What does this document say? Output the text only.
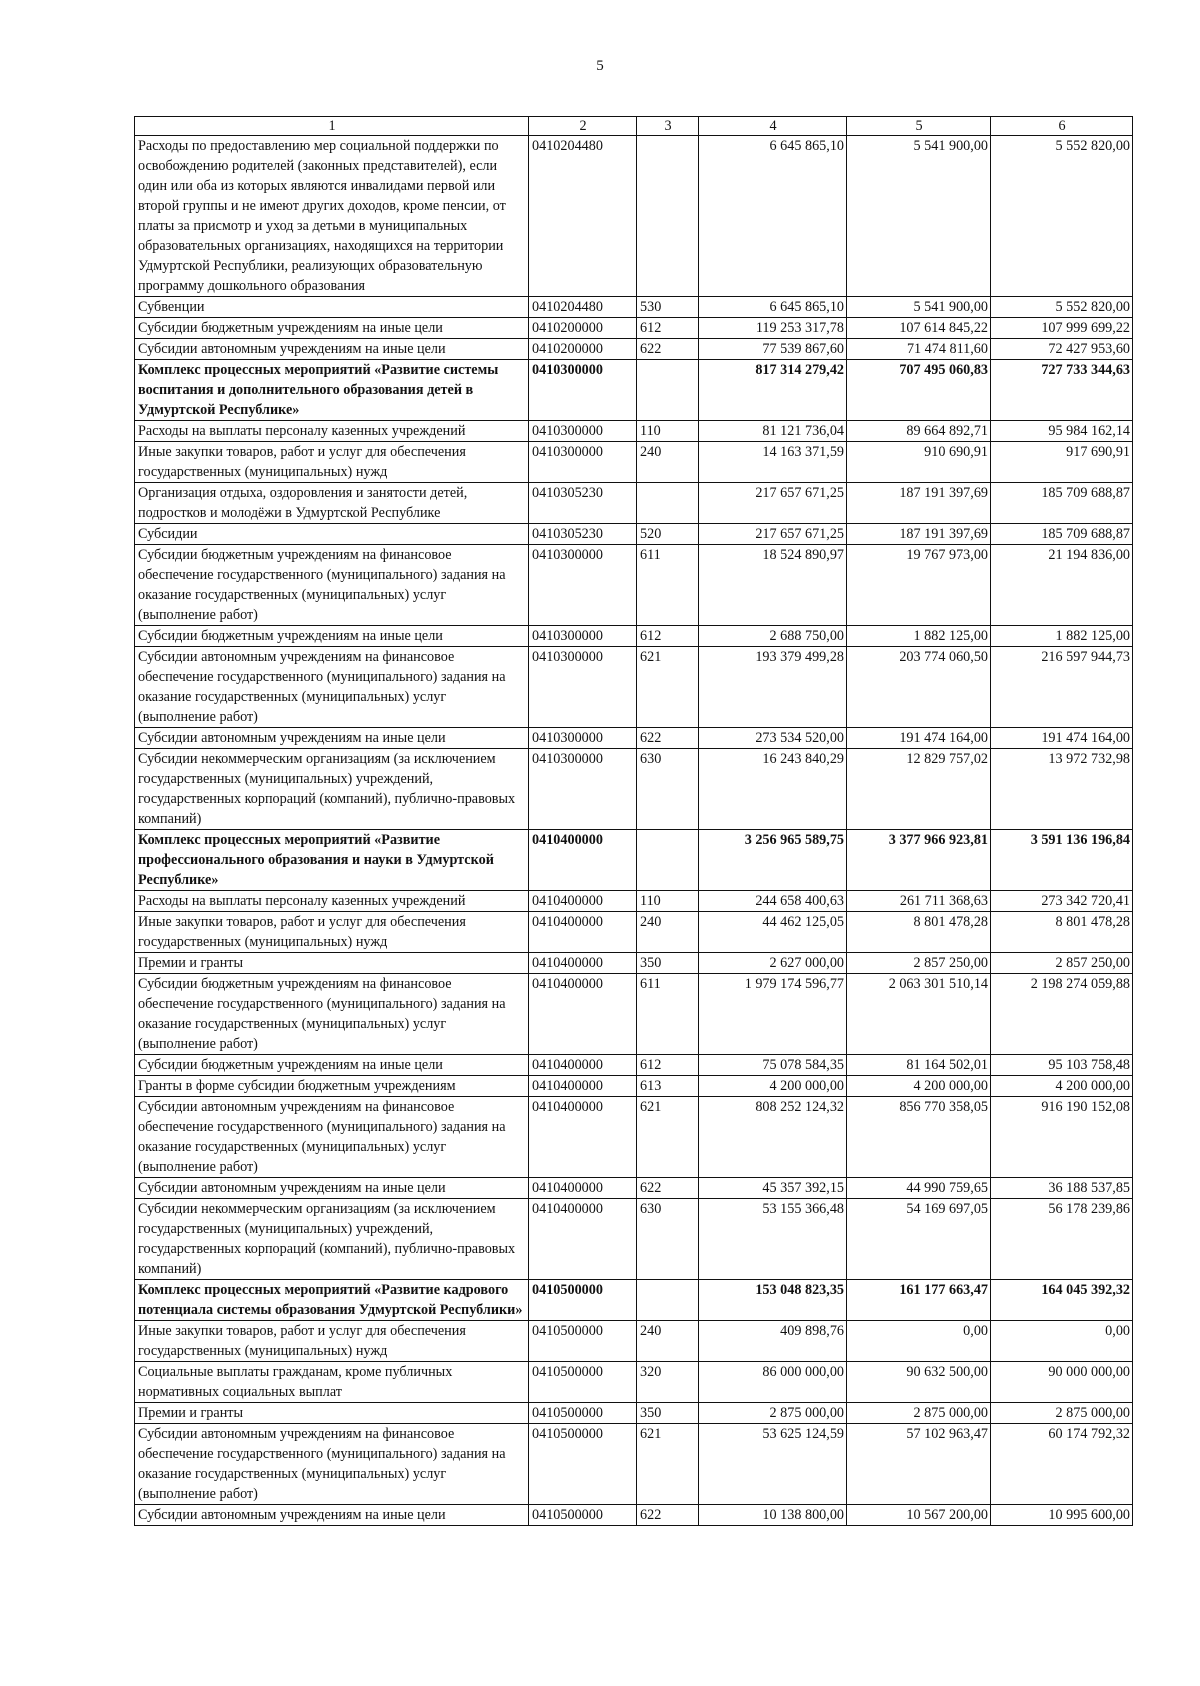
5
1	2	3	4	5	6
Расходы по предоставлению мер социальной поддержки по освобождению родителей (законных представителей), если один или оба из которых являются инвалидами первой или второй группы и не имеют других доходов, кроме пенсии, от платы за присмотр и уход за детьми в муниципальных образовательных организациях, находящихся на территории Удмуртской Республики, реализующих образовательную программу дошкольного образования	0410204480		6 645 865,10	5 541 900,00	5 552 820,00
Субвенции	0410204480	530	6 645 865,10	5 541 900,00	5 552 820,00
Субсидии бюджетным учреждениям на иные цели	0410200000	612	119 253 317,78	107 614 845,22	107 999 699,22
Субсидии автономным учреждениям на иные цели	0410200000	622	77 539 867,60	71 474 811,60	72 427 953,60
Комплекс процессных мероприятий «Развитие системы воспитания и дополнительного образования детей в Удмуртской Республике»	0410300000		817 314 279,42	707 495 060,83	727 733 344,63
Расходы на выплаты персоналу казенных учреждений	0410300000	110	81 121 736,04	89 664 892,71	95 984 162,14
Иные закупки товаров, работ и услуг для обеспечения государственных (муниципальных) нужд	0410300000	240	14 163 371,59	910 690,91	917 690,91
Организация отдыха, оздоровления и занятости детей, подростков и молодёжи в Удмуртской Республике	0410305230		217 657 671,25	187 191 397,69	185 709 688,87
Субсидии	0410305230	520	217 657 671,25	187 191 397,69	185 709 688,87
Субсидии бюджетным учреждениям на финансовое обеспечение государственного (муниципального) задания на оказание государственных (муниципальных) услуг (выполнение работ)	0410300000	611	18 524 890,97	19 767 973,00	21 194 836,00
Субсидии бюджетным учреждениям на иные цели	0410300000	612	2 688 750,00	1 882 125,00	1 882 125,00
Субсидии автономным учреждениям на финансовое обеспечение государственного (муниципального) задания на оказание государственных (муниципальных) услуг (выполнение работ)	0410300000	621	193 379 499,28	203 774 060,50	216 597 944,73
Субсидии автономным учреждениям на иные цели	0410300000	622	273 534 520,00	191 474 164,00	191 474 164,00
Субсидии некоммерческим организациям (за исключением государственных (муниципальных) учреждений, государственных корпораций (компаний), публично-правовых компаний)	0410300000	630	16 243 840,29	12 829 757,02	13 972 732,98
Комплекс процессных мероприятий «Развитие профессионального образования и науки в Удмуртской Республике»	0410400000		3 256 965 589,75	3 377 966 923,81	3 591 136 196,84
Расходы на выплаты персоналу казенных учреждений	0410400000	110	244 658 400,63	261 711 368,63	273 342 720,41
Иные закупки товаров, работ и услуг для обеспечения государственных (муниципальных) нужд	0410400000	240	44 462 125,05	8 801 478,28	8 801 478,28
Премии и гранты	0410400000	350	2 627 000,00	2 857 250,00	2 857 250,00
Субсидии бюджетным учреждениям на финансовое обеспечение государственного (муниципального) задания на оказание государственных (муниципальных) услуг (выполнение работ)	0410400000	611	1 979 174 596,77	2 063 301 510,14	2 198 274 059,88
Субсидии бюджетным учреждениям на иные цели	0410400000	612	75 078 584,35	81 164 502,01	95 103 758,48
Гранты в форме субсидии бюджетным учреждениям	0410400000	613	4 200 000,00	4 200 000,00	4 200 000,00
Субсидии автономным учреждениям на финансовое обеспечение государственного (муниципального) задания на оказание государственных (муниципальных) услуг (выполнение работ)	0410400000	621	808 252 124,32	856 770 358,05	916 190 152,08
Субсидии автономным учреждениям на иные цели	0410400000	622	45 357 392,15	44 990 759,65	36 188 537,85
Субсидии некоммерческим организациям (за исключением государственных (муниципальных) учреждений, государственных корпораций (компаний), публично-правовых компаний)	0410400000	630	53 155 366,48	54 169 697,05	56 178 239,86
Комплекс процессных мероприятий «Развитие кадрового потенциала системы образования Удмуртской Республики»	0410500000		153 048 823,35	161 177 663,47	164 045 392,32
Иные закупки товаров, работ и услуг для обеспечения государственных (муниципальных) нужд	0410500000	240	409 898,76	0,00	0,00
Социальные выплаты гражданам, кроме публичных нормативных социальных выплат	0410500000	320	86 000 000,00	90 632 500,00	90 000 000,00
Премии и гранты	0410500000	350	2 875 000,00	2 875 000,00	2 875 000,00
Субсидии автономным учреждениям на финансовое обеспечение государственного (муниципального) задания на оказание государственных (муниципальных) услуг (выполнение работ)	0410500000	621	53 625 124,59	57 102 963,47	60 174 792,32
Субсидии автономным учреждениям на иные цели	0410500000	622	10 138 800,00	10 567 200,00	10 995 600,00
